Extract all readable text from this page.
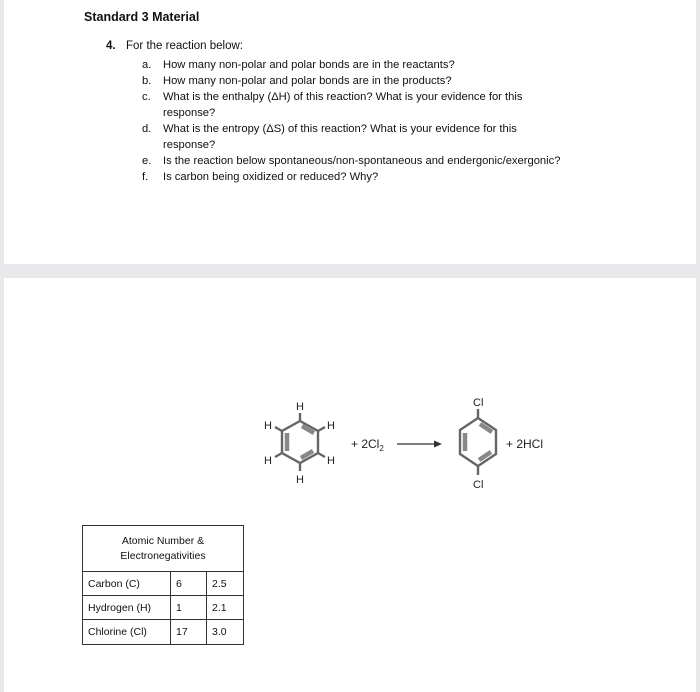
Standard 3 Material
4. For the reaction below:
a.	How many non-polar and polar bonds are in the reactants?
b.	How many non-polar and polar bonds are in the products?
c.	What is the enthalpy (ΔH) of this reaction? What is your evidence for this response?
d.	What is the entropy (ΔS) of this reaction? What is your evidence for this response?
e.	Is the reaction below spontaneous/non-spontaneous and endergonic/exergonic?
f.	Is carbon being oxidized or reduced? Why?
H
H
H
H
H
H
+ $2Cl_2$
Cl
Cl
+ 2HCl
Atomic Number &
Electronegativities
Carbon (C)	6	2.5
Hydrogen (H)	1	2.1
Chlorine (Cl)	17	3.0
